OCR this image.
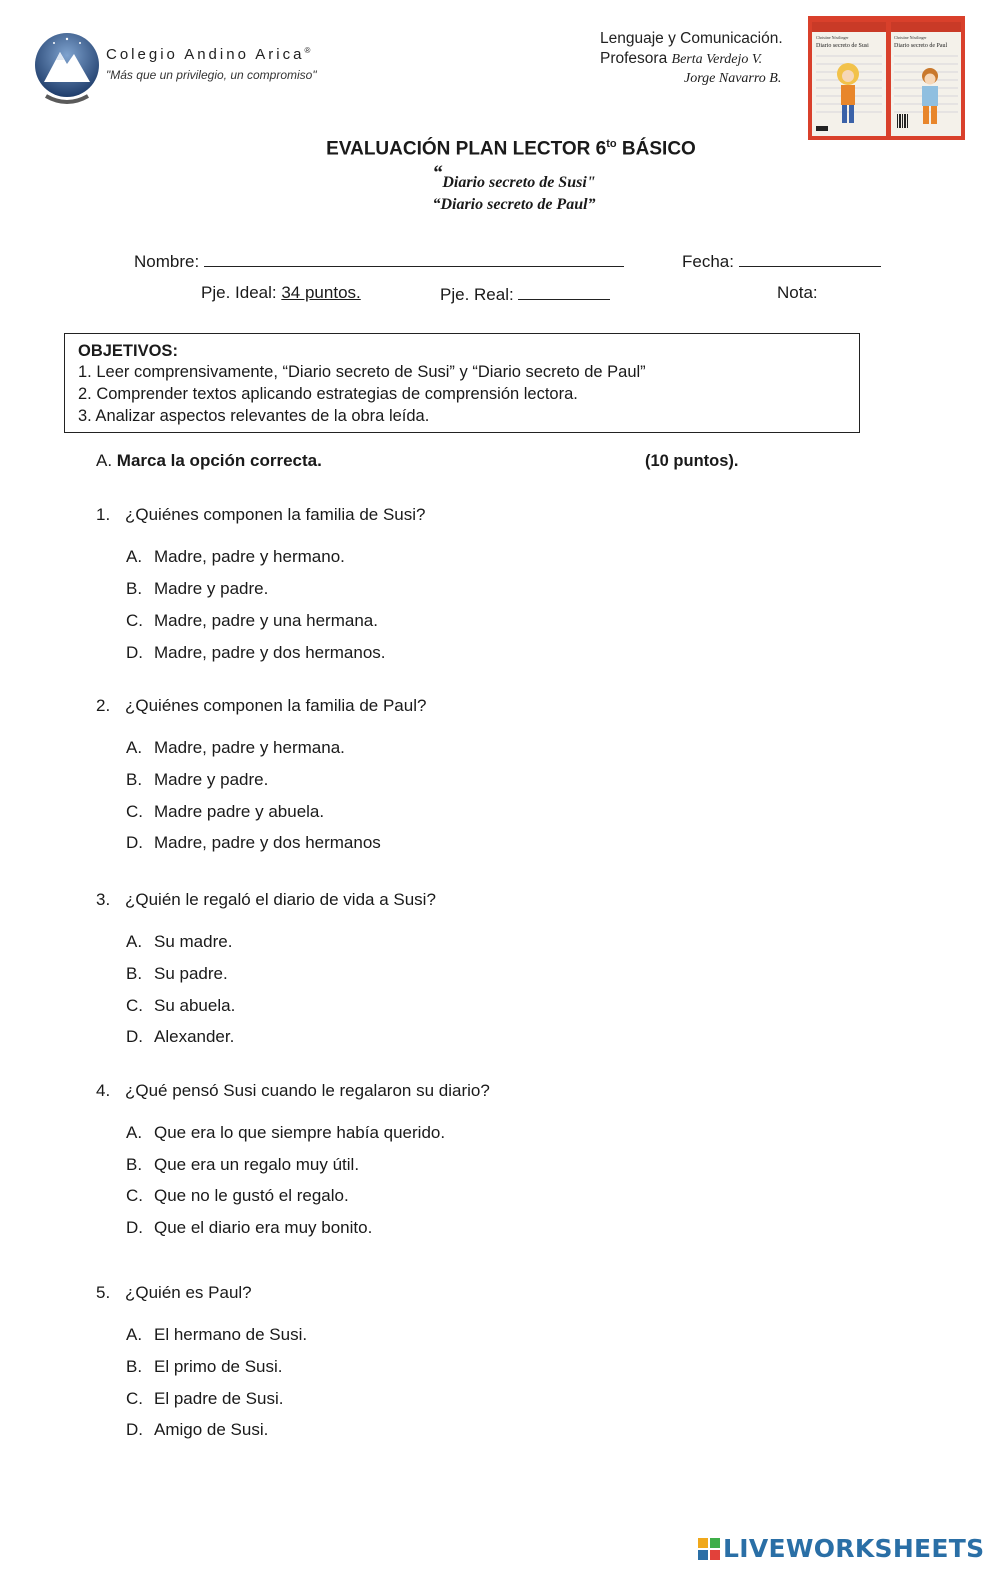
Colegio Andino Arica®
"Más que un privilegio, un compromiso"
Lenguaje y Comunicación.
Profesora Berta Verdejo V.
Jorge Navarro B.
Christine Nöstlinger
Diario secreto de Susi
Christine Nöstlinger
Diario secreto de Paul
EVALUACIÓN PLAN LECTOR $6^{to}$ BÁSICO
“Diario secreto de Susi"
“Diario secreto de Paul”
Nombre:	Fecha:
Pje. Ideal: 34 puntos.	Pje. Real:	Nota:
OBJETIVOS:
1. Leer comprensivamente, “Diario secreto de Susi” y “Diario secreto de Paul”
2. Comprender textos aplicando estrategias de comprensión lectora.
3. Analizar aspectos relevantes de la obra leída.
A. Marca la opción correcta.	(10 puntos).
1. ¿Quiénes componen la familia de Susi?
A. Madre, padre y hermano.
B. Madre y padre.
C. Madre, padre y una hermana.
D. Madre, padre y dos hermanos.
2. ¿Quiénes componen la familia de Paul?
A. Madre, padre y hermana.
B. Madre y padre.
C. Madre padre y abuela.
D. Madre, padre y dos hermanos
3. ¿Quién le regaló el diario de vida a Susi?
A. Su madre.
B. Su padre.
C. Su abuela.
D. Alexander.
4. ¿Qué pensó Susi cuando le regalaron su diario?
A. Que era lo que siempre había querido.
B. Que era un regalo muy útil.
C. Que no le gustó el regalo.
D. Que el diario era muy bonito.
5. ¿Quién es Paul?
A. El hermano de Susi.
B. El primo de Susi.
C. El padre de Susi.
D. Amigo de Susi.
LIVEWORKSHEETS
